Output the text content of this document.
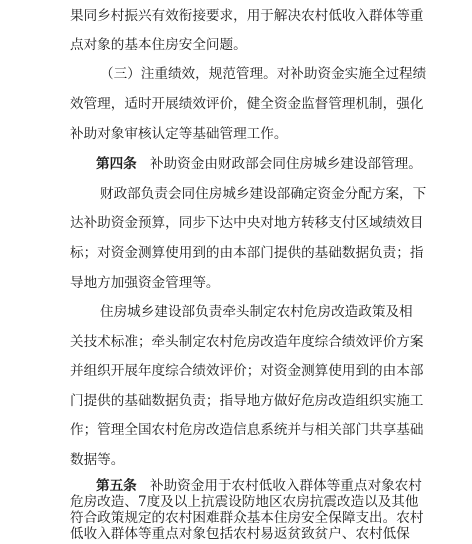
果同乡村振兴有效衔接要求，用于解决农村低收入群体等重
点对象的基本住房安全问题。
（三）注重绩效，规范管理。对补助资金实施全过程绩
效管理，适时开展绩效评价，健全资金监督管理机制，强化
补助对象审核认定等基础管理工作。
第四条 补助资金由财政部会同住房城乡建设部管理。
财政部负责会同住房城乡建设部确定资金分配方案，下
达补助资金预算，同步下达中央对地方转移支付区域绩效目
标；对资金测算使用到的由本部门提供的基础数据负责；指
导地方加强资金管理等。
住房城乡建设部负责牵头制定农村危房改造政策及相
关技术标准；牵头制定农村危房改造年度综合绩效评价方案
并组织开展年度综合绩效评价；对资金测算使用到的由本部
门提供的基础数据负责；指导地方做好危房改造组织实施工
作；管理全国农村危房改造信息系统并与相关部门共享基础
数据等。
第五条 补助资金用于农村低收入群体等重点对象农村
危房改造、7度及以上抗震设防地区农房抗震改造以及其他
符合政策规定的农村困难群众基本住房安全保障支出。农村
低收入群体等重点对象包括农村易返贫致贫户、农村低保
